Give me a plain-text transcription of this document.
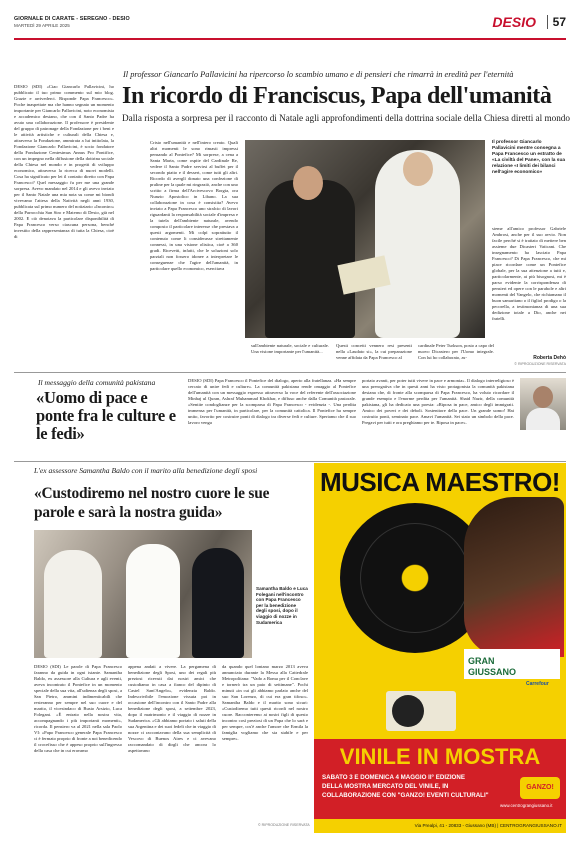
GIORNALE DI CARATE - SEREGNO - DESIO
MARTEDÌ 29 APRILE 2025	DESIO	57
Il professor Giancarlo Pallavicini ha ripercorso lo scambio umano e di pensieri che rimarrà in eredità per l'eternità
In ricordo di Franciscus, Papa dell'umanità
Dalla risposta a sorpresa per il racconto di Natale agli approfondimenti della dottrina sociale della Chiesa diretti al mondo
DESIO (SDI) «Ciao Giancarlo Pallavicini, ho pubblicato il tuo primo commento sul mio blog. Grazie e arrivederci. Risponde Papa Francesco». Poche inaspettate ma che hanno segnato un momento importante per Giancarlo Pallavicini, noto economista e accademico desiano, che con il Santo Padre ha avuto una collaborazione. Il professore è presidente del gruppo di patronage della Fondazione per i beni e le attività artistiche e culturali della Chiesa e, attraverso la Fondazione, ammirata a lui intitolata, la Fondazione Giancarlo Pallavicini, è socio fondatore della Fondazione Centesimus Annus Pro Pontifice, con un impegno nella diffusione della dottrina sociale della Chiesa nel mondo e in progetti di sviluppo economico, attraverso la ricerca di nuovi modelli. Cosa ha significato per lei il contatto diretto con Papa Francesco? Quel messaggio fu per me una grande sorpresa. Avevo mandato nel 2014 e gli avevo inviato per il Santo Natale una mia nota su come mi biondi vivevamo l'attesa della Natività negli anni 1930, pubblicata sul primo numero del notiziario «Incontro» della Parrocchia San Siro e Materno di Desio, già nel 2002. E ciò denotava la particolare disponibilità di Papa Francesco verso ciascuna persona, benché investito della rappresentanza di tutta la Chiesa, cioè di
Cristo nell'umanità e nell'intero creato. Quali altri momenti le sono rimasti impressi pensando al Pontefice? Mi sorprese, a cena a Santa Marta, come ospite del Cardinale Re, vedere il Santo Padre servirsi al buffet per il secondo piatto e il dessert, come tutti gli altri. Ricordo di averglí donato una confezione di praline per la quale mi ringraziò, anche con uno scritto a firma dell'Arcivescovo Borgia, ora Nunzio Apostolico in Libano. La sua collaborazione in cosa è consistita? Avevo inviato a Papa Francesco uno stralcio di lavori riguardanti la responsabilità sociale d'impresa e la tutela dell'ambiente naturale, avendo composto il particolare interesse che prestava a questi argomenti. Mi colpì soprattutto il contenuto come li considerasse strettamente connessi, in una visione olistica, cioè a 360 gradi. Ricevetti, infatti, che le soluzioni solo parziali non fossero idonee a interpretare le conseguenze che l'agire dell'umanità, in particolare quello economico, esercitava
sull'ambiente naturale, sociale e culturale. Una visione importante per l'umanità...
Questi concetti vennero resi presenti nella «Laudato si», la cui preparazione venne affidata da Papa Francesco al
cardinale Peter Turkson, posto a capo del nuovo Dicastero per l'Uomo integrale. Con lui ho collaborato, as-
Il professor Giancarlo Pallavicini mentre consegna a Papa Francesco un estratto de «La civiltà del Pane», con la sua relazione «I limiti dei bilanci nell'agire economico»
sieme all'amico professor Gabriele Ambrosi, anche per il suo avvio. Non facile perché si è trattato di mettere ben assieme due Dicasteri Vaticani. Che insegnamento ha lasciato Papa Francesco? Di Papa Francesco, che mi piace ricordare come un Pontefice globale, per la sua attenzione a tutti e, particolarmente, ai più bisognosi, mi è parso evidente la corrispondenza di pensieri ed opere con le parabole e altri momenti del Vangelo, che richiamano il buon samaritano o il figliol prodigo o la pecorella, a testimonianza di una sua dedizione totale a Dio, anche nei fratelli.
Roberta Dehò
© RIPRODUZIONE RISERVATA
Il messaggio della comunità pakistana
«Uomo di pace e ponte fra le culture e le fedi»
DESIO (SDI) Papa Francesco il Pontefice del dialogo, aperto alla fratellanza. «Ha sempre cercato di unire fedi e culture». La comunità pakistana rende omaggio al Pontefice dell'umanità con un messaggio espresso attraverso la voce del referente dell'associazione Minhaj ul Quran, Ashraf Muhammad Khokhar, e diffuso anche dalla Comunità pastorale. «Sentite condoglianze per la scomparsa di Papa Francesco - evidenzia -. Una perdita immensa per l'umanità, in particolare, per la comunità cattolica. Il Pontefice ha sempre unito, favorito per costruire ponti di dialogo tra diverse fedi e culture. Speriamo che il suo lavoro venga
portato avanti, per poter tutti vivere in pace e armonia». Il dialogo interreligioso è una prerogativa che in questi anni ha visto protagonista la comunità pakistana desiana che, di fronte alla scomparsa di Papa Francesco, ha voluto ricordare il grande esempio e l'enorme perdita per l'umanità. Shaid Nazir, della comunità pakistana, gli ha dedicato una poesia: «Riposa in pace, amico degli immigrati. Amico dei poveri e dei deboli. Sostenitore della pace. Un grande uomo! Hai costruito ponti, seminato pace. Amavi l'umanità. Sei stato un simbolo della pace. Pregavi per tutti e ora preghiamo per te. Riposa in pace».
L'ex assessore Samantha Baldo con il marito alla benedizione degli sposi
«Custodiremo nel nostro cuore le sue parole e sarà la nostra guida»
Samantha Baldo e Luca Folegani nell'incontro con Papa Francesco per la benedizione degli sposi, dopo il viaggio di nozze in Sudamerica
DESIO (SDI) Le parole di Papa Francesco faranno da guida in ogni istante. Samantha Baldo, ex assessore alla Cultura e agli eventi, aveva incontrato il Pontefice in un momento speciale della sua vita, all'udienza degli sposi, a San Pietro, ammini indimenticabili che resteranno per sempre nel suo cuore e del marito, il vicesindaco di Busto Arsizio, Luca Folegani. «È entrato nella nostra vita, accompagnando i più importanti momenti», ricorda. Il pensiero va al 2021 nella sala Paolo VI: «Papo Francesco generale Papa Francesco ci è fermato proprio di fronte a noi benedicendo il crocefisso che è appeso proprio sull'ingresso della casa che in cui eravamo
appena andati a vivere. La pergamena di benedizione degli Sposi, uno dei regali più preziosi ricevuti dai nostri amici che custodiamo in casa a fianco del dipinto di Castel Sant'Angelo», evidenzia Baldo. Indescrivibile l'emozione vissuta poi in occasione dell'incontro con il Santo Padre alla benedizione degli sposi, a settembre 2023, dopo il matrimonio e il viaggio di nozze in Sudamerica. «Gli abbiamo portato i saluti della sua Argentina e dei suoi fedeli che in viaggio di nozze ci raccontavano della sua semplicità di Vescovo di Buenos Aires e ci avevano raccomandato di dirgli che ancora lo aspettavano
da quando quel lontano marzo 2013 aveva annunciato durante la Messa alla Cattedrale Metropolitana: "Vado a Roma per il Conclave e tornerò tra un paio di settimane". Pochi minuti «in cui gli abbiamo parlato anche del suo San Lorenzo, di cui era gran tifoso». Samantha Baldo e il marito sono sicuri: «Custodiremo tutti questi ricordi nel nostro cuore. Racconteremo ai nostri figli di questo incontro così preziosi di un Papa che lo sarà e per sempre, cos'è anche l'amore che Ermila la famiglia vogliamo che sia stabile e per sempre».
© RIPRODUZIONE RISERVATA
MUSICA MAESTRO!
GRAN
GIUSSANO
Carrefour
VINILE IN MOSTRA
SABATO 3 E DOMENICA 4 MAGGIO II° EDIZIONE
DELLA MOSTRA MERCATO DEL VINILE, IN
COLLABORAZIONE CON "GANZO! EVENTI CULTURALI"
GANZO!
www.centrograngiussano.it
Via Prealpi, 41 - 20833 - Giussano (MB) | CENTROGRANGIUSSANO.IT
